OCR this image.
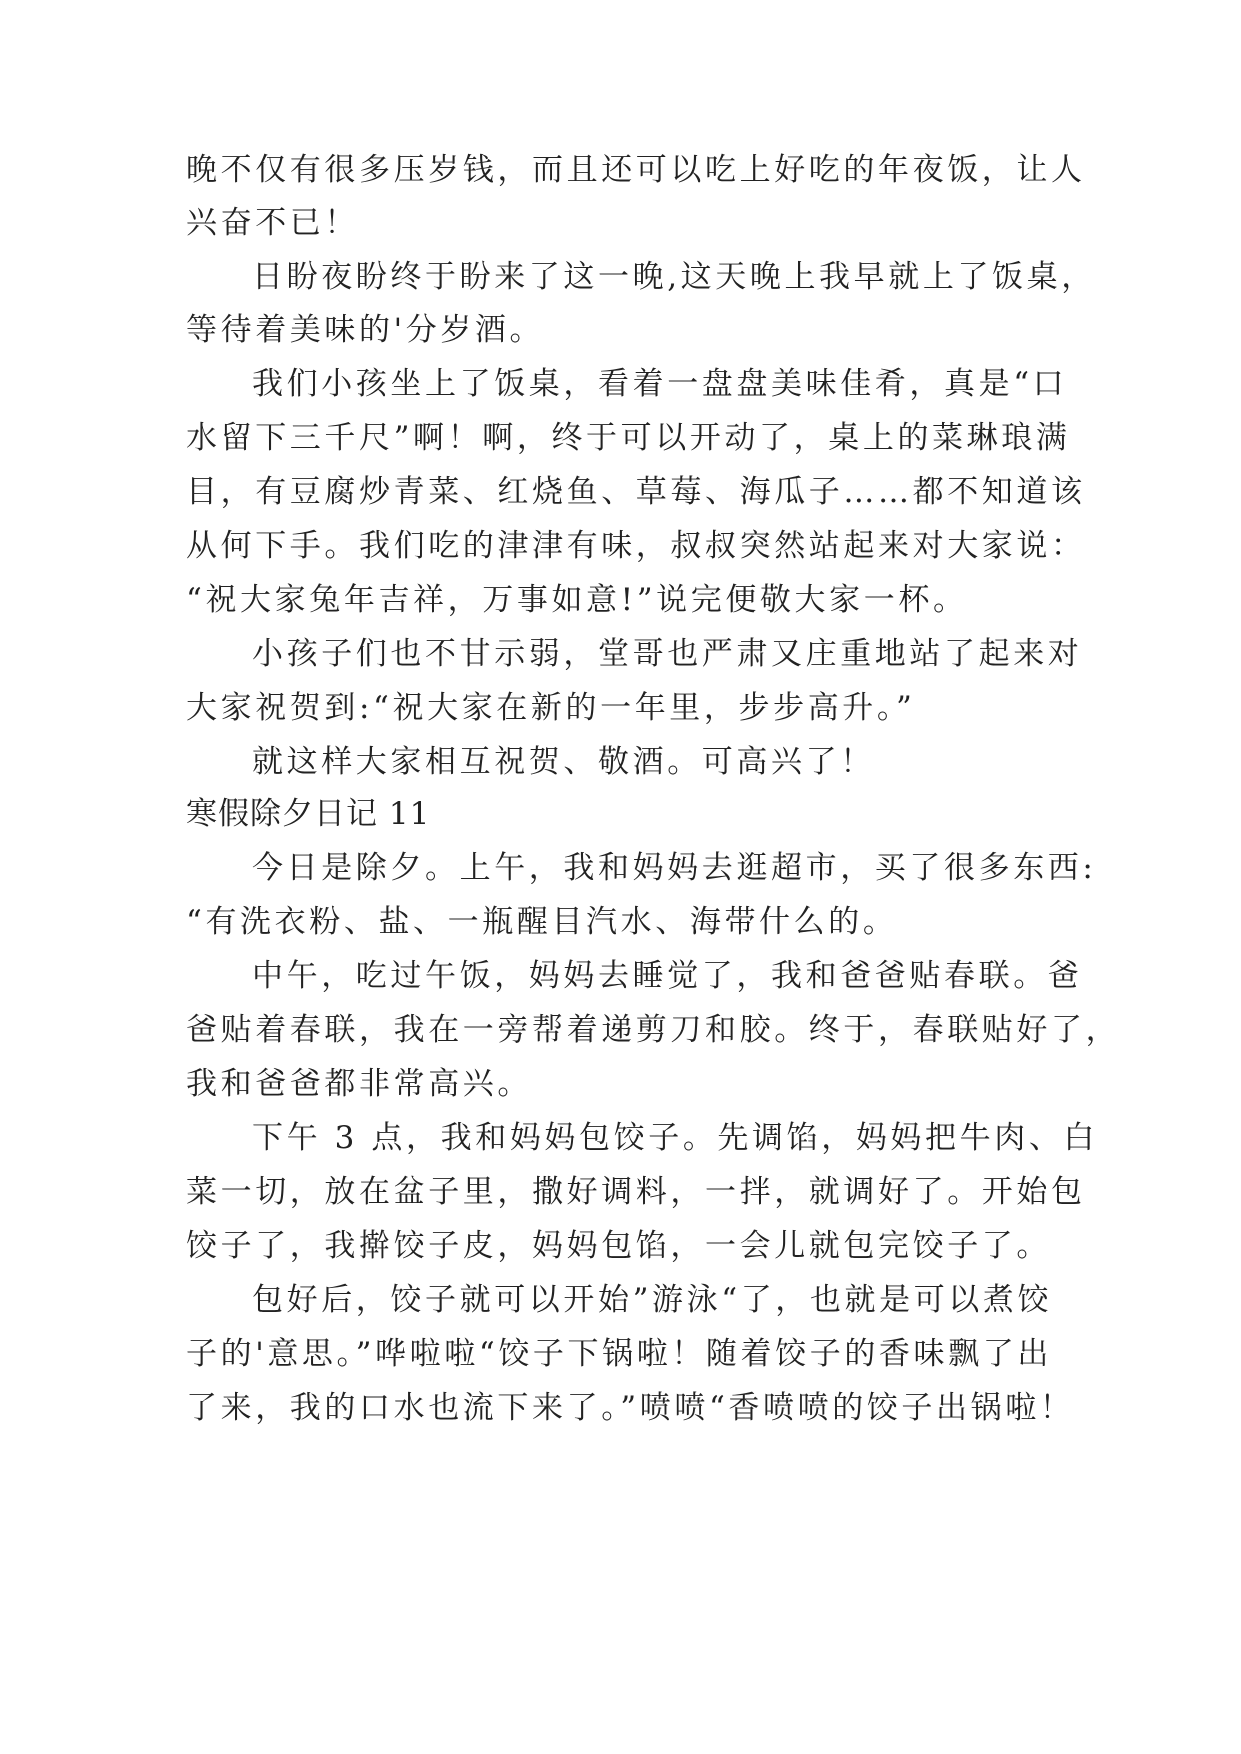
晚不仅有很多压岁钱，而且还可以吃上好吃的年夜饭，让人
兴奋不已！
日盼夜盼终于盼来了这一晚,这天晚上我早就上了饭桌，
等待着美味的'分岁酒。
我们小孩坐上了饭桌，看着一盘盘美味佳肴，真是“口
水留下三千尺”啊！啊，终于可以开动了，桌上的菜琳琅满
目，有豆腐炒青菜、红烧鱼、草莓、海瓜子……都不知道该
从何下手。我们吃的津津有味，叔叔突然站起来对大家说：
“祝大家兔年吉祥，万事如意!”说完便敬大家一杯。
小孩子们也不甘示弱，堂哥也严肃又庄重地站了起来对
大家祝贺到:“祝大家在新的一年里，步步高升。”
就这样大家相互祝贺、敬酒。可高兴了！
寒假除夕日记 11
今日是除夕。上午，我和妈妈去逛超市，买了很多东西:
“有洗衣粉、盐、一瓶醒目汽水、海带什么的。
中午，吃过午饭，妈妈去睡觉了，我和爸爸贴春联。爸
爸贴着春联，我在一旁帮着递剪刀和胶。终于，春联贴好了，
我和爸爸都非常高兴。
下午 3 点，我和妈妈包饺子。先调馅，妈妈把牛肉、白
菜一切，放在盆子里，撒好调料，一拌，就调好了。开始包
饺子了，我擀饺子皮，妈妈包馅，一会儿就包完饺子了。
包好后，饺子就可以开始”游泳“了，也就是可以煮饺
子的'意思。”哗啦啦“饺子下锅啦！随着饺子的香味飘了出
了来，我的口水也流下来了。”喷喷“香喷喷的饺子出锅啦！
